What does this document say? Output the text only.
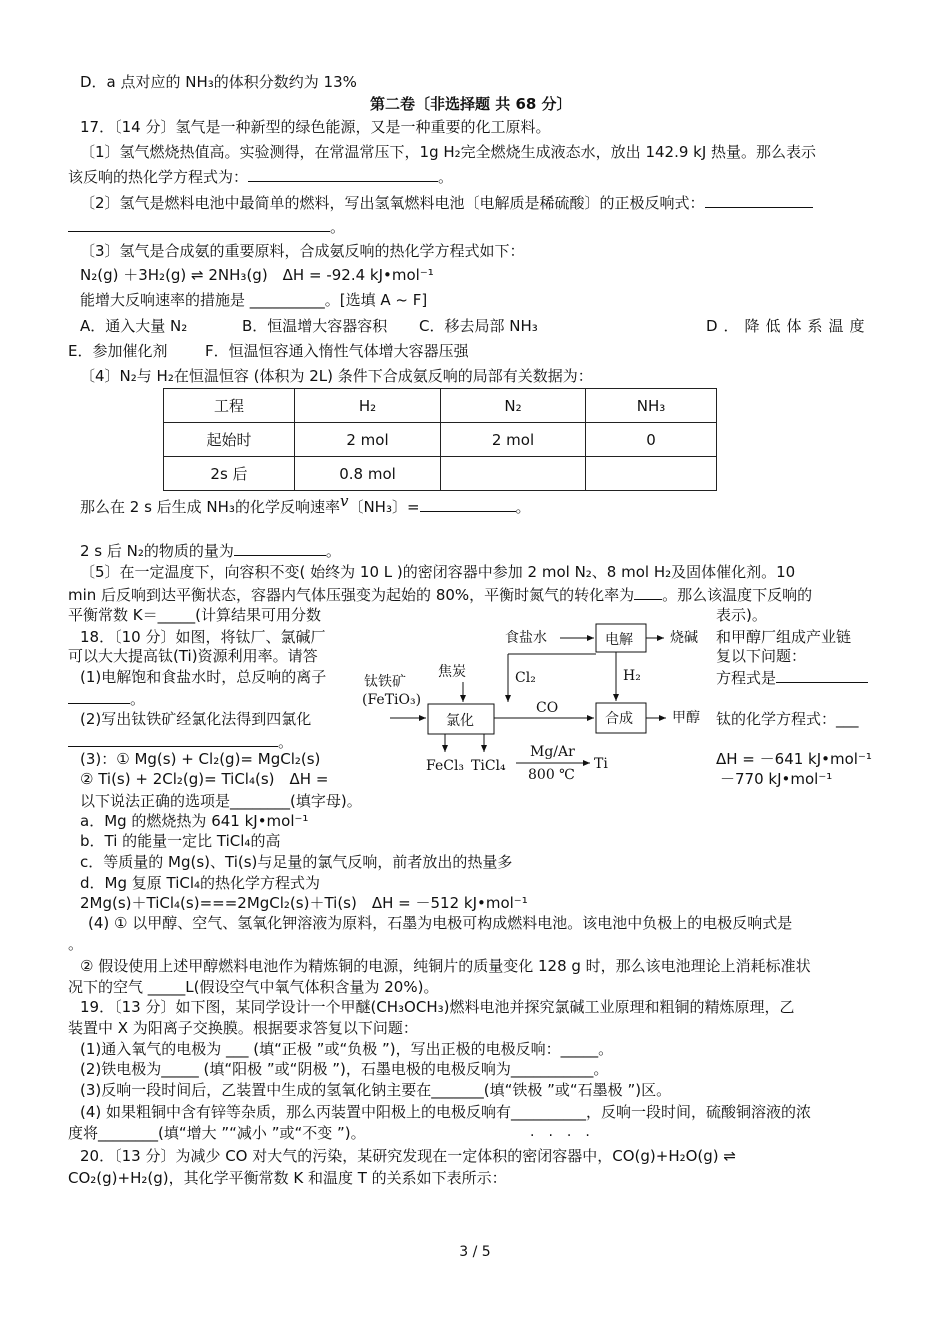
D．a 点对应的 NH₃的体积分数约为 13%
第二卷〔非选择题 共 68 分〕
17．〔14 分〕氢气是一种新型的绿色能源，又是一种重要的化工原料。
〔1〕氢气燃烧热值高。实验测得，在常温常压下，1g H₂完全燃烧生成液态水，放出 142.9 kJ 热量。那么表示
该反响的热化学方程式为：	。
〔2〕氢气是燃料电池中最简单的燃料，写出氢氧燃料电池〔电解质是稀硫酸〕的正极反响式：
。
〔3〕氢气是合成氨的重要原料，合成氨反响的热化学方程式如下：
N₂(g) ＋3H₂(g) ⇌ 2NH₃(g)　ΔH = -92.4 kJ•mol⁻¹
能增大反响速率的措施是 __________。[选填 A ~ F]
A．通入大量 N₂	B．恒温增大容器容积 C．移去局部 NH₃	D．降低体系温度
E．参加催化剂	F．恒温恒容通入惰性气体增大容器压强
〔4〕N₂与 H₂在恒温恒容 (体积为 2L) 条件下合成氨反响的局部有关数据为：
工程	H₂	N₂	NH₃
起始时	2 mol	2 mol	0
2s 后	0.8 mol		
那么在 2 s 后生成 NH₃的化学反响速率v〔NH₃〕=	。
2 s 后 N₂的物质的量为	。
〔5〕在一定温度下，向容积不变( 始终为 10 L )的密闭容器中参加 2 mol N₂、8 mol H₂及固体催化剂。10
min 后反响到达平衡状态，容器内气体压强变为起始的 80%，平衡时氮气的转化率为 。那么该温度下反响的
平衡常数 K＝_____(计算结果可用分数	表示)。
18．〔10 分〕如图，将钛厂、氯碱厂	和甲醇厂组成产业链
可以大大提高钛(Ti)资源利用率。请答	复以下问题：
(1)电解饱和食盐水时，总反响的离子	方程式是
。
(2)写出钛铁矿经氯化法得到四氯化	钛的化学方程式：___
。
(3)：① Mg(s) + Cl₂(g)= MgCl₂(s)	ΔH = －641 kJ•mol⁻¹
② Ti(s) + 2Cl₂(g)= TiCl₄(s)　ΔH =	－770 kJ•mol⁻¹
以下说法正确的选项是________(填字母)。
a．Mg 的燃烧热为 641 kJ•mol⁻¹
b．Ti 的能量一定比 TiCl₄的高
c．等质量的 Mg(s)、Ti(s)与足量的氯气反响，前者放出的热量多
d．Mg 复原 TiCl₄的热化学方程式为
2Mg(s)＋TiCl₄(s)===2MgCl₂(s)＋Ti(s)　ΔH = －512 kJ•mol⁻¹
(4) ① 以甲醇、空气、氢氧化钾溶液为原料，石墨为电极可构成燃料电池。该电池中负极上的电极反响式是
。
② 假设使用上述甲醇燃料电池作为精炼铜的电源，纯铜片的质量变化 128 g 时，那么该电池理论上消耗标准状
况下的空气 _____L(假设空气中氧气体积含量为 20%)。
19．〔13 分〕如下图，某同学设计一个甲醚(CH₃OCH₃)燃料电池并探究氯碱工业原理和粗铜的精炼原理，乙
装置中 X 为阳离子交换膜。根据要求答复以下问题：
(1)通入氧气的电极为 ___ (填“正极 ”或“负极 ”)，写出正极的电极反响：_____。
(2)铁电极为_____ (填“阳极 ”或“阴极 ”)，石墨电极的电极反响为___________。
(3)反响一段时间后，乙装置中生成的氢氧化钠主要在_______(填“铁极 ”或“石墨极 ”)区。
(4) 如果粗铜中含有锌等杂质，那么丙装置中阳极上的电极反响有__________，反响一段时间，硫酸铜溶液的浓
度将________(填“增大 ”“减小 ”或“不变 ”)。	····
20．〔13 分〕为减少 CO 对大气的污染，某研究发现在一定体积的密闭容器中，CO(g)+H₂O(g) ⇌
CO₂(g)+H₂(g)，其化学平衡常数 K 和温度 T 的关系如下表所示：
食盐水	电解	烧碱
焦炭	Cl₂	H₂
钛铁矿
(FeTiO₃)
氯化
CO
合成	甲醇
FeCl₃ TiCl₄
Mg/Ar
800 ℃
Ti
3 / 5
